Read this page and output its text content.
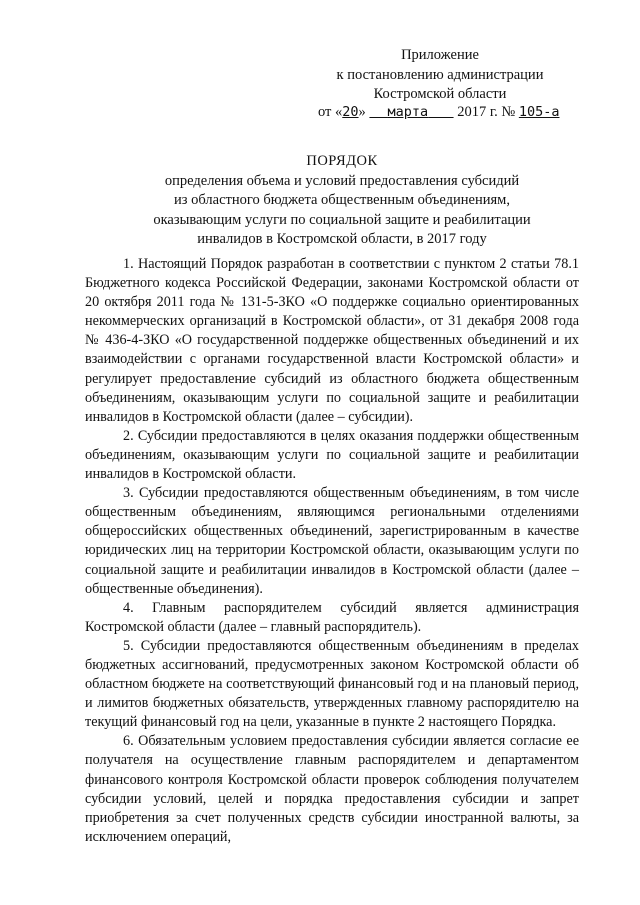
Приложение
к постановлению администрации
Костромской области
от «20» марта 2017 г. № 105-а
ПОРЯДОК
определения объема и условий предоставления субсидий
из областного бюджета общественным объединениям,
оказывающим услуги по социальной защите и реабилитации
инвалидов в Костромской области, в 2017 году

1. Настоящий Порядок разработан в соответствии с пунктом 2 статьи 78.1 Бюджетного кодекса Российской Федерации, законами Костромской области от 20 октября 2011 года № 131-5-ЗКО «О поддержке социально ориентированных некоммерческих организаций в Костромской области», от 31 декабря 2008 года № 436-4-ЗКО «О государственной поддержке общественных объединений и их взаимодействии с органами государственной власти Костромской области» и регулирует предоставление субсидий из областного бюджета общественным объединениям, оказывающим услуги по социальной защите и реабилитации инвалидов в Костромской области (далее – субсидии).

2. Субсидии предоставляются в целях оказания поддержки общественным объединениям, оказывающим услуги по социальной защите и реабилитации инвалидов в Костромской области.

3. Субсидии предоставляются общественным объединениям, в том числе общественным объединениям, являющимся региональными отделениями общероссийских общественных объединений, зарегистрированным в качестве юридических лиц на территории Костромской области, оказывающим услуги по социальной защите и реабилитации инвалидов в Костромской области (далее – общественные объединения).

4. Главным распорядителем субсидий является администрация Костромской области (далее – главный распорядитель).

5. Субсидии предоставляются общественным объединениям в пределах бюджетных ассигнований, предусмотренных законом Костромской области об областном бюджете на соответствующий финансовый год и на плановый период, и лимитов бюджетных обязательств, утвержденных главному распорядителю на текущий финансовый год на цели, указанные в пункте 2 настоящего Порядка.

6. Обязательным условием предоставления субсидии является согласие ее получателя на осуществление главным распорядителем и департаментом финансового контроля Костромской области проверок соблюдения получателем субсидии условий, целей и порядка предоставления субсидии и запрет приобретения за счет полученных средств субсидии иностранной валюты, за исключением операций,
